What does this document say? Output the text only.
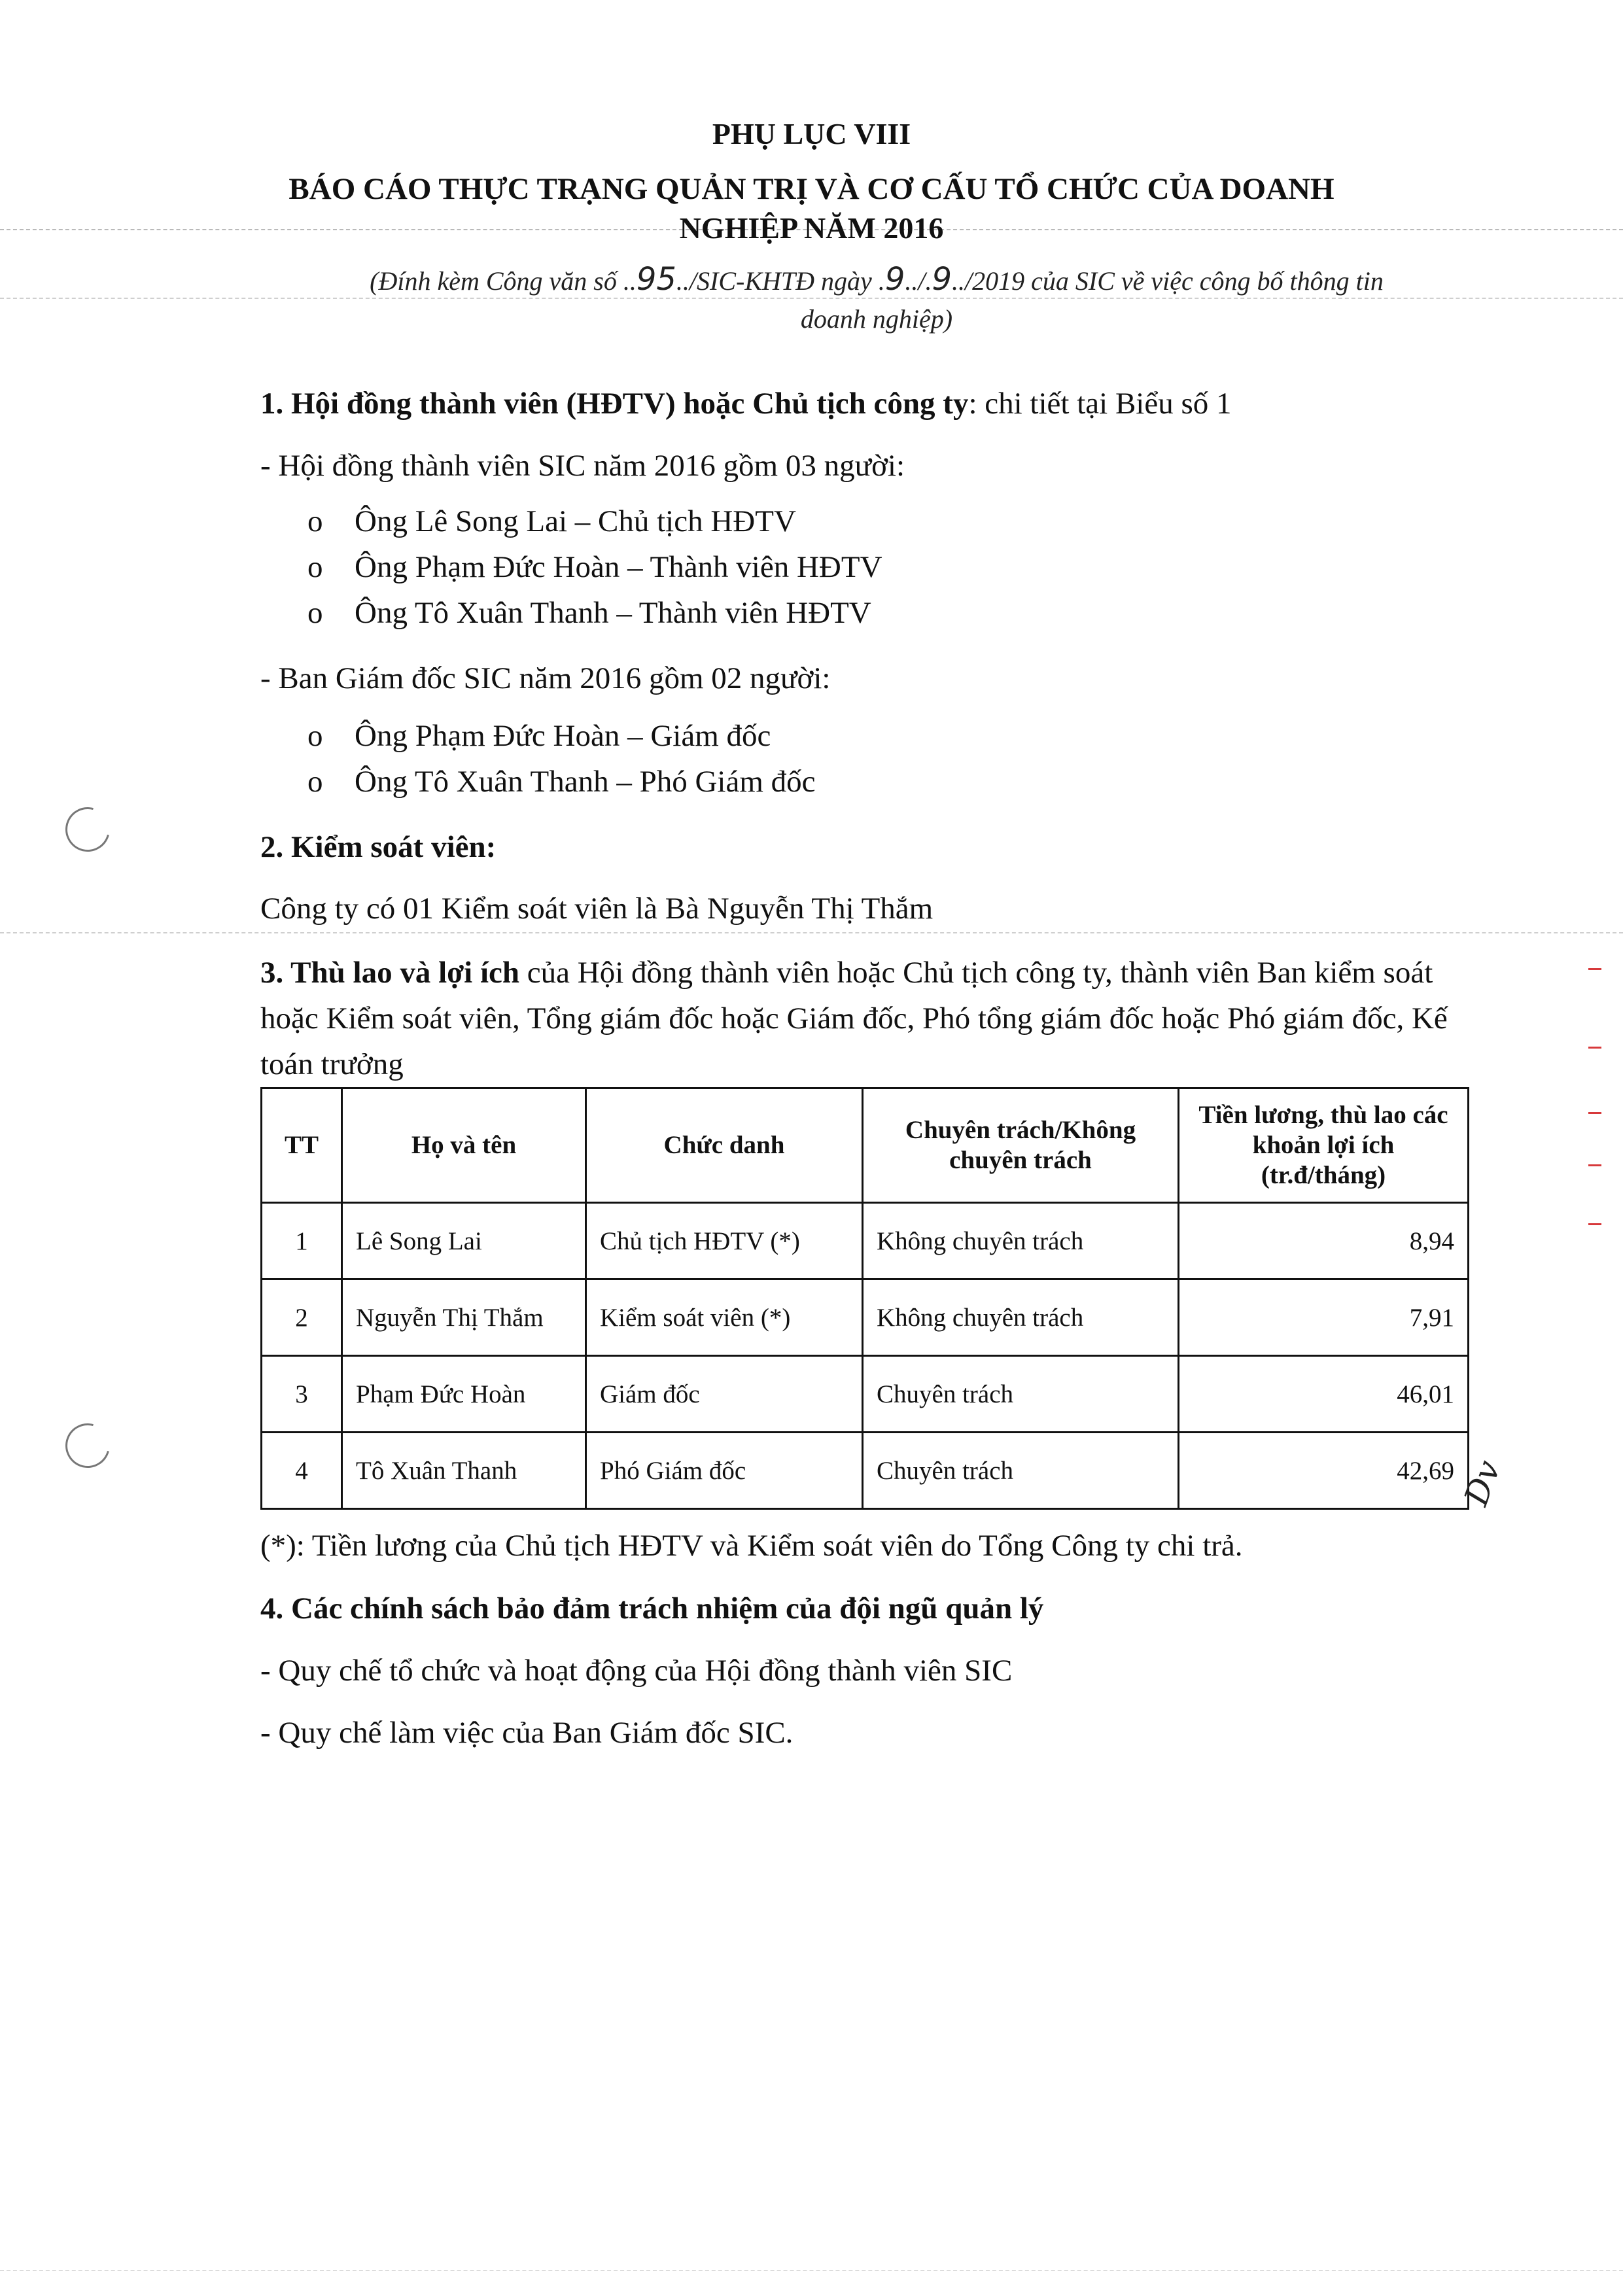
PHỤ LỤC VIII
BÁO CÁO THỰC TRẠNG QUẢN TRỊ VÀ CƠ CẤU TỔ CHỨC CỦA DOANH
NGHIỆP NĂM 2016
(Đính kèm Công văn số ..95../SIC-KHTĐ ngày .9../.9../2019 của SIC về việc công bố thông tin
doanh nghiệp)
1. Hội đồng thành viên (HĐTV) hoặc Chủ tịch công ty: chi tiết tại Biểu số 1
- Hội đồng thành viên SIC năm 2016 gồm 03 người:
o Ông Lê Song Lai – Chủ tịch HĐTV
o Ông Phạm Đức Hoàn – Thành viên HĐTV
o Ông Tô Xuân Thanh – Thành viên HĐTV
- Ban Giám đốc SIC năm 2016 gồm 02 người:
o Ông Phạm Đức Hoàn – Giám đốc
o Ông Tô Xuân Thanh – Phó Giám đốc
2. Kiểm soát viên:
Công ty có 01 Kiểm soát viên là Bà Nguyễn Thị Thắm
3. Thù lao và lợi ích của Hội đồng thành viên hoặc Chủ tịch công ty, thành viên Ban kiểm soát hoặc Kiểm soát viên, Tổng giám đốc hoặc Giám đốc, Phó tổng giám đốc hoặc Phó giám đốc, Kế toán trưởng
TT	Họ và tên	Chức danh	Chuyên trách/Không chuyên trách	Tiền lương, thù lao các khoản lợi ích (tr.đ/tháng)
1	Lê Song Lai	Chủ tịch HĐTV (*)	Không chuyên trách	8,94
2	Nguyễn Thị Thắm	Kiểm soát viên (*)	Không chuyên trách	7,91
3	Phạm Đức Hoàn	Giám đốc	Chuyên trách	46,01
4	Tô Xuân Thanh	Phó Giám đốc	Chuyên trách	42,69 Dv
(*): Tiền lương của Chủ tịch HĐTV và Kiểm soát viên do Tổng Công ty chi trả.
4. Các chính sách bảo đảm trách nhiệm của đội ngũ quản lý
- Quy chế tổ chức và hoạt động của Hội đồng thành viên SIC
- Quy chế làm việc của Ban Giám đốc SIC.
